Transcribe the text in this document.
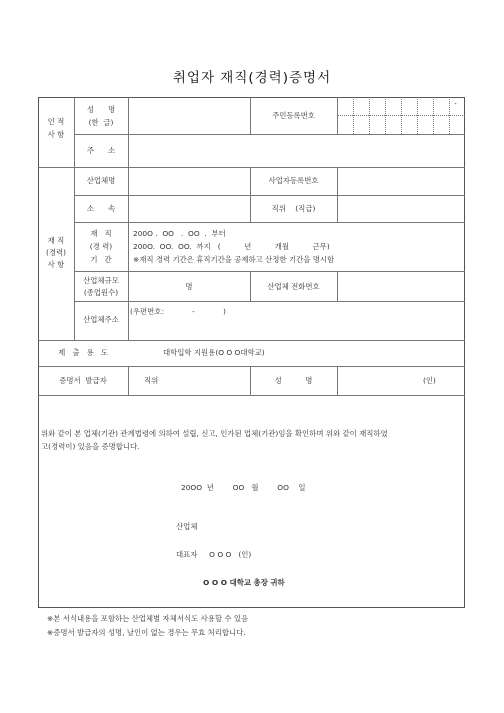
취업자 재직(경력)증명서
인 적
사 항
성      명
(한  글)
주민등록번호
-
주      소
재 직
(경력)
사 항
산업체명	사업자등록번호
소      속	직위    (직급)
재   직
(경 력)
기   간
200O .  OO   .  OO  .  부터
200O.  OO.  OO.  까지   (          년          개월          근무)
※재직 경력 기간은 휴직기간을 공제하고 산정한 기간을 명시함
산업체규모
(종업원수)
명	산업체 전화번호
산업체주소
(우편번호:            -            )
제   출   용   도	대학입학 지원용(O O O대학교)
증명서  발급자	직위	성          명	(인)
위와 같이 본 업체(기관) 관계법령에 의하여 설립, 신고, 인가된 업체(기관)임을 확인하며 위와 같이 재직하였
고(경력이) 있음을 증명합니다.
20OO  년        OO   월        OO    일
산업체
대표자     O O O   (인)
O O O 대학교 총장 귀하
※본 서식내용을 포함하는 산업체별 자체서식도 사용할 수 있음
※증명서 발급자의 성명, 날인이 없는 경우는 무효 처리합니다.
